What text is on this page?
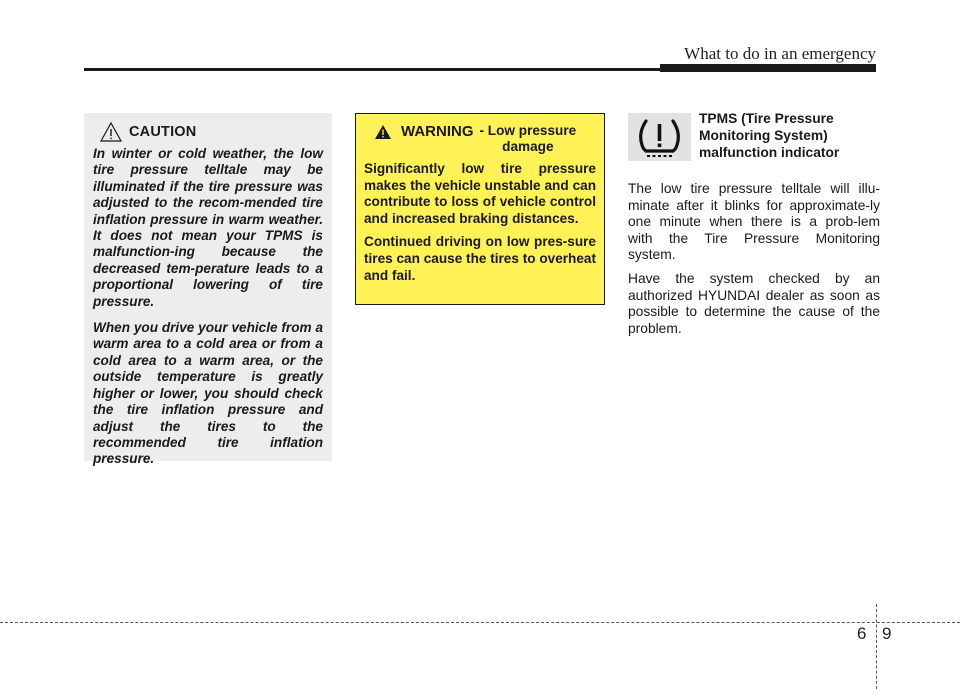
What to do in an emergency
CAUTION

In winter or cold weather, the low tire pressure telltale may be illuminated if the tire pressure was adjusted to the recom-mended tire inflation pressure in warm weather. It does not mean your TPMS is malfunction-ing because the decreased tem-perature leads to a proportional lowering of tire pressure.

When you drive your vehicle from a warm area to a cold area or from a cold area to a warm area, or the outside temperature is greatly higher or lower, you should check the tire inflation pressure and adjust the tires to the recommended tire inflation pressure.

WARNING - Low pressure
damage

Significantly low tire pressure makes the vehicle unstable and can contribute to loss of vehicle control and increased braking distances.

Continued driving on low pres-sure tires can cause the tires to overheat and fail.

TPMS (Tire Pressure Monitoring System) malfunction indicator

The low tire pressure telltale will illu-minate after it blinks for approximate-ly one minute when there is a prob-lem with the Tire Pressure Monitoring system.

Have the system checked by an authorized HYUNDAI dealer as soon as possible to determine the cause of the problem.

6 9
